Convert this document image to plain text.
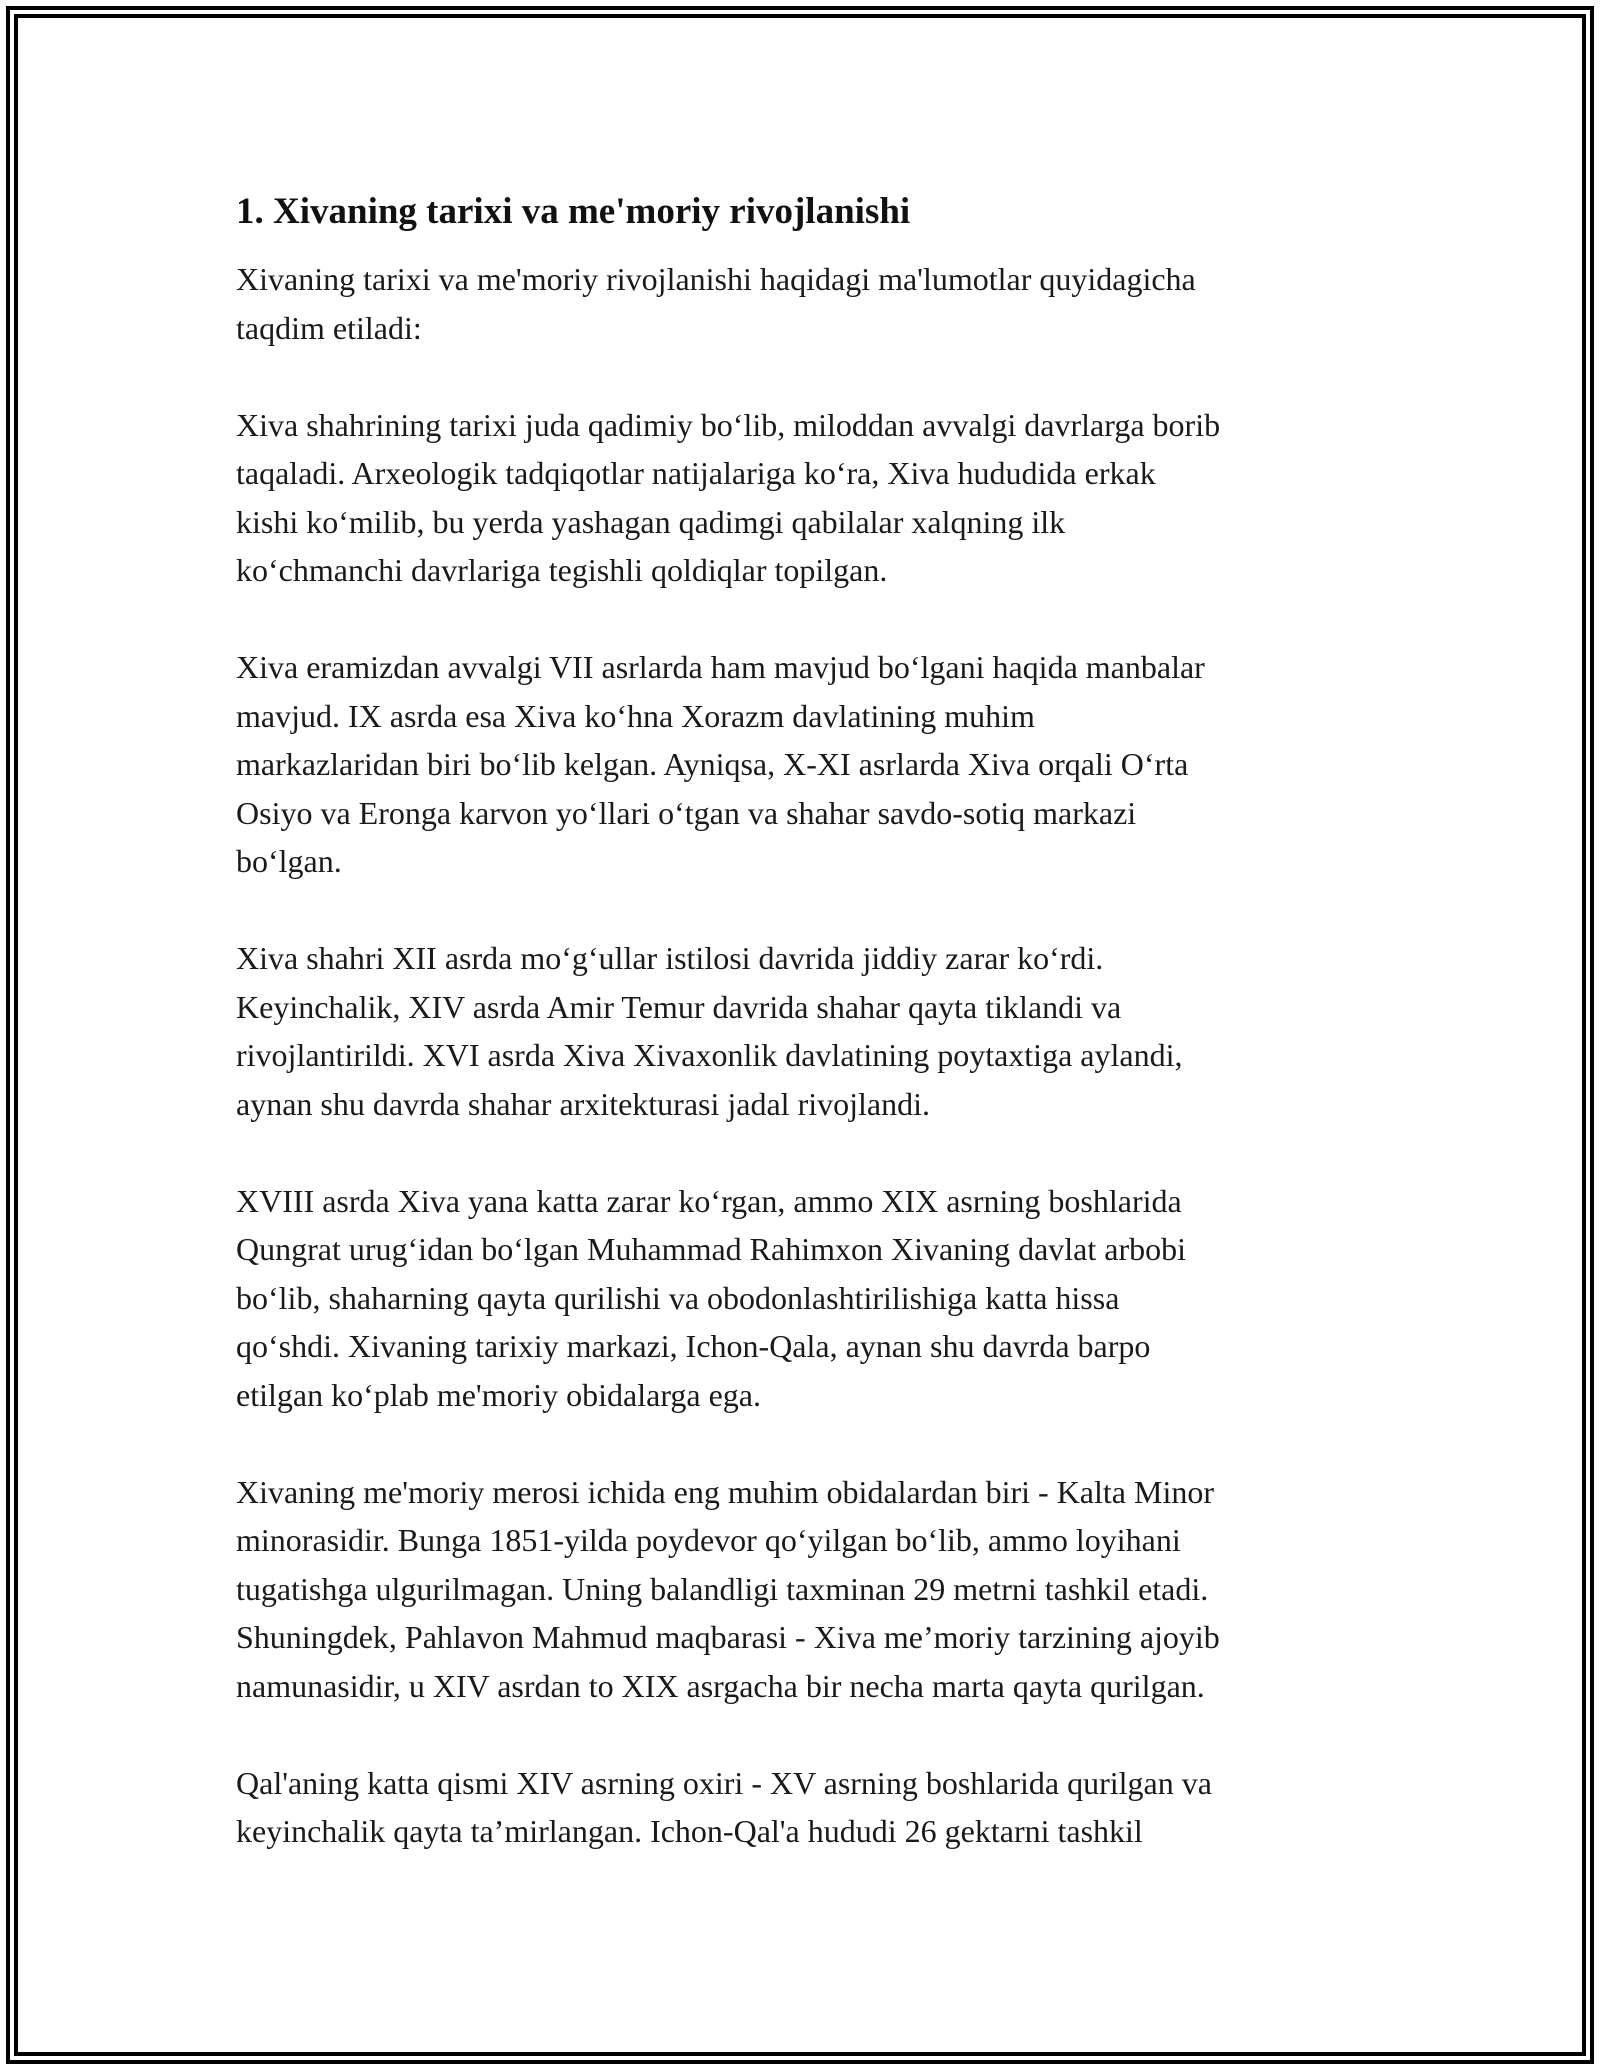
1. Xivaning tarixi va me'moriy rivojlanishi

Xivaning tarixi va me'moriy rivojlanishi haqidagi ma'lumotlar quyidagicha
taqdim etiladi:

Xiva shahrining tarixi juda qadimiy bo‘lib, miloddan avvalgi davrlarga borib
taqaladi. Arxeologik tadqiqotlar natijalariga ko‘ra, Xiva hududida erkak
kishi ko‘milib, bu yerda yashagan qadimgi qabilalar xalqning ilk
ko‘chmanchi davrlariga tegishli qoldiqlar topilgan.

Xiva eramizdan avvalgi VII asrlarda ham mavjud bo‘lgani haqida manbalar
mavjud. IX asrda esa Xiva ko‘hna Xorazm davlatining muhim
markazlaridan biri bo‘lib kelgan. Ayniqsa, X-XI asrlarda Xiva orqali O‘rta
Osiyo va Eronga karvon yo‘llari o‘tgan va shahar savdo-sotiq markazi
bo‘lgan.

Xiva shahri XII asrda mo‘g‘ullar istilosi davrida jiddiy zarar ko‘rdi.
Keyinchalik, XIV asrda Amir Temur davrida shahar qayta tiklandi va
rivojlantirildi. XVI asrda Xiva Xivaxonlik davlatining poytaxtiga aylandi,
aynan shu davrda shahar arxitekturasi jadal rivojlandi.

XVIII asrda Xiva yana katta zarar ko‘rgan, ammo XIX asrning boshlarida
Qungrat urug‘idan bo‘lgan Muhammad Rahimxon Xivaning davlat arbobi
bo‘lib, shaharning qayta qurilishi va obodonlashtirilishiga katta hissa
qo‘shdi. Xivaning tarixiy markazi, Ichon-Qala, aynan shu davrda barpo
etilgan ko‘plab me'moriy obidalarga ega.

Xivaning me'moriy merosi ichida eng muhim obidalardan biri - Kalta Minor
minorasidir. Bunga 1851-yilda poydevor qo‘yilgan bo‘lib, ammo loyihani
tugatishga ulgurilmagan. Uning balandligi taxminan 29 metrni tashkil etadi.
Shuningdek, Pahlavon Mahmud maqbarasi - Xiva me’moriy tarzining ajoyib
namunasidir, u XIV asrdan to XIX asrgacha bir necha marta qayta qurilgan.

Qal'aning katta qismi XIV asrning oxiri - XV asrning boshlarida qurilgan va
keyinchalik qayta ta’mirlangan. Ichon-Qal'a hududi 26 gektarni tashkil
